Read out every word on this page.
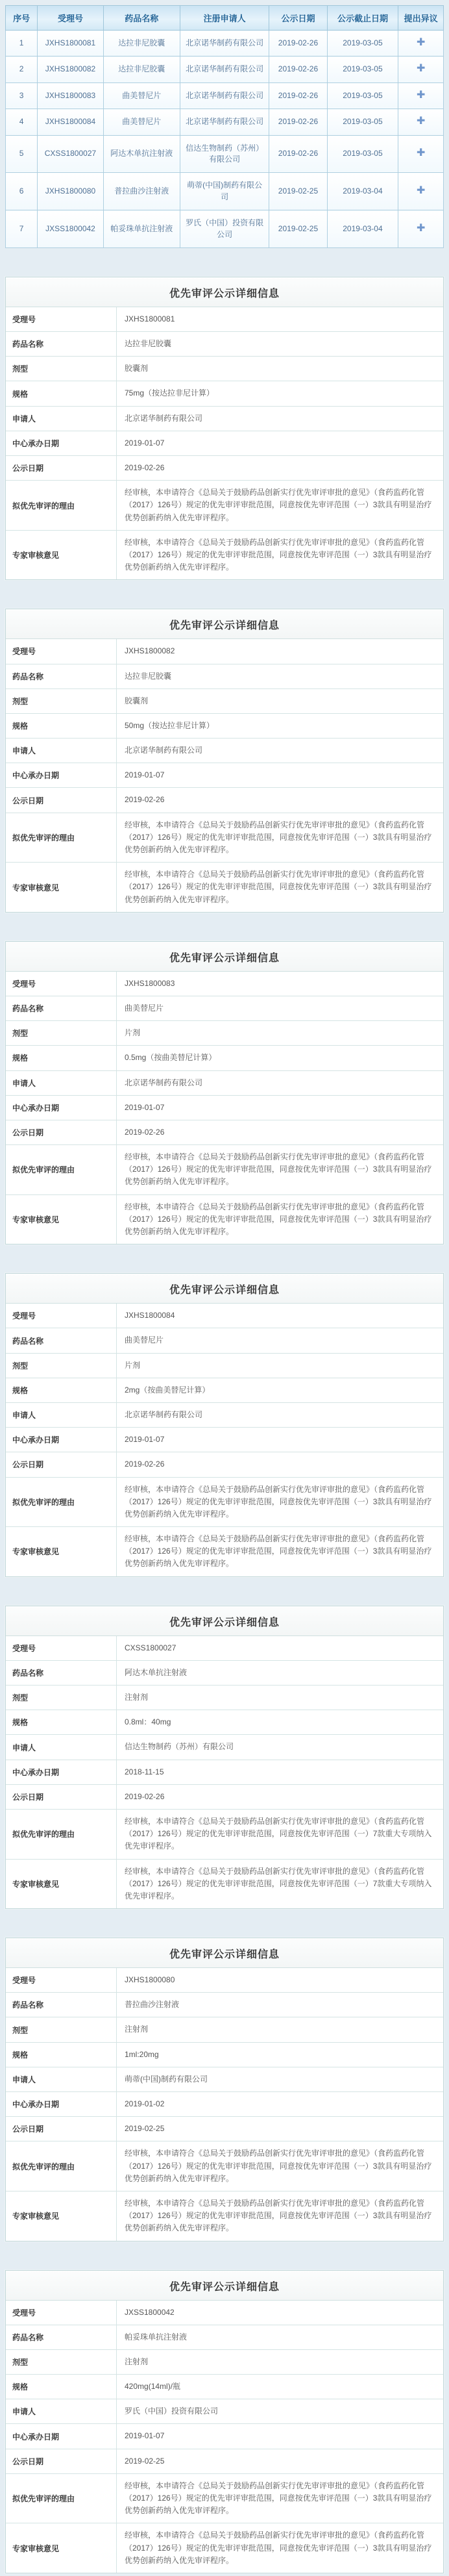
序号	受理号	药品名称	注册申请人	公示日期	公示截止日期	提出异议
1	JXHS1800081	达拉非尼胶囊	北京诺华制药有限公司	2019-02-26	2019-03-05	✚
2	JXHS1800082	达拉非尼胶囊	北京诺华制药有限公司	2019-02-26	2019-03-05	✚
3	JXHS1800083	曲美替尼片	北京诺华制药有限公司	2019-02-26	2019-03-05	✚
4	JXHS1800084	曲美替尼片	北京诺华制药有限公司	2019-02-26	2019-03-05	✚
5	CXSS1800027	阿达木单抗注射液	信达生物制药（苏州）有限公司	2019-02-26	2019-03-05	✚
6	JXHS1800080	普拉曲沙注射液	萌蒂(中国)制药有限公司	2019-02-25	2019-03-04	✚
7	JXSS1800042	帕妥珠单抗注射液	罗氏（中国）投资有限公司	2019-02-25	2019-03-04	✚
优先审评公示详细信息
受理号	JXHS1800081
药品名称	达拉非尼胶囊
剂型	胶囊剂
规格	75mg（按达拉非尼计算）
申请人	北京诺华制药有限公司
中心承办日期	2019-01-07
公示日期	2019-02-26
拟优先审评的理由	经审核，本申请符合《总局关于鼓励药品创新实行优先审评审批的意见》（食药监药化管（2017）126号）规定的优先审评审批范围，同意按优先审评范围（一）3款具有明显治疗优势创新药纳入优先审评程序。
专家审核意见	经审核，本申请符合《总局关于鼓励药品创新实行优先审评审批的意见》（食药监药化管（2017）126号）规定的优先审评审批范围，同意按优先审评范围（一）3款具有明显治疗优势创新药纳入优先审评程序。
优先审评公示详细信息
受理号	JXHS1800082
药品名称	达拉非尼胶囊
剂型	胶囊剂
规格	50mg（按达拉非尼计算）
申请人	北京诺华制药有限公司
中心承办日期	2019-01-07
公示日期	2019-02-26
拟优先审评的理由	经审核，本申请符合《总局关于鼓励药品创新实行优先审评审批的意见》（食药监药化管（2017）126号）规定的优先审评审批范围，同意按优先审评范围（一）3款具有明显治疗优势创新药纳入优先审评程序。
专家审核意见	经审核，本申请符合《总局关于鼓励药品创新实行优先审评审批的意见》（食药监药化管（2017）126号）规定的优先审评审批范围，同意按优先审评范围（一）3款具有明显治疗优势创新药纳入优先审评程序。
优先审评公示详细信息
受理号	JXHS1800083
药品名称	曲美替尼片
剂型	片剂
规格	0.5mg（按曲美替尼计算）
申请人	北京诺华制药有限公司
中心承办日期	2019-01-07
公示日期	2019-02-26
拟优先审评的理由	经审核，本申请符合《总局关于鼓励药品创新实行优先审评审批的意见》（食药监药化管（2017）126号）规定的优先审评审批范围，同意按优先审评范围（一）3款具有明显治疗优势创新药纳入优先审评程序。
专家审核意见	经审核，本申请符合《总局关于鼓励药品创新实行优先审评审批的意见》（食药监药化管（2017）126号）规定的优先审评审批范围，同意按优先审评范围（一）3款具有明显治疗优势创新药纳入优先审评程序。
优先审评公示详细信息
受理号	JXHS1800084
药品名称	曲美替尼片
剂型	片剂
规格	2mg（按曲美替尼计算）
申请人	北京诺华制药有限公司
中心承办日期	2019-01-07
公示日期	2019-02-26
拟优先审评的理由	经审核，本申请符合《总局关于鼓励药品创新实行优先审评审批的意见》（食药监药化管（2017）126号）规定的优先审评审批范围，同意按优先审评范围（一）3款具有明显治疗优势创新药纳入优先审评程序。
专家审核意见	经审核，本申请符合《总局关于鼓励药品创新实行优先审评审批的意见》（食药监药化管（2017）126号）规定的优先审评审批范围，同意按优先审评范围（一）3款具有明显治疗优势创新药纳入优先审评程序。
优先审评公示详细信息
受理号	CXSS1800027
药品名称	阿达木单抗注射液
剂型	注射剂
规格	0.8ml：40mg
申请人	信达生物制药（苏州）有限公司
中心承办日期	2018-11-15
公示日期	2019-02-26
拟优先审评的理由	经审核，本申请符合《总局关于鼓励药品创新实行优先审评审批的意见》（食药监药化管（2017）126号）规定的优先审评审批范围，同意按优先审评范围（一）7款重大专项纳入优先审评程序。
专家审核意见	经审核，本申请符合《总局关于鼓励药品创新实行优先审评审批的意见》（食药监药化管（2017）126号）规定的优先审评审批范围，同意按优先审评范围（一）7款重大专项纳入优先审评程序。
优先审评公示详细信息
受理号	JXHS1800080
药品名称	普拉曲沙注射液
剂型	注射剂
规格	1ml:20mg
申请人	萌蒂(中国)制药有限公司
中心承办日期	2019-01-02
公示日期	2019-02-25
拟优先审评的理由	经审核，本申请符合《总局关于鼓励药品创新实行优先审评审批的意见》（食药监药化管（2017）126号）规定的优先审评审批范围，同意按优先审评范围（一）3款具有明显治疗优势创新药纳入优先审评程序。
专家审核意见	经审核，本申请符合《总局关于鼓励药品创新实行优先审评审批的意见》（食药监药化管（2017）126号）规定的优先审评审批范围，同意按优先审评范围（一）3款具有明显治疗优势创新药纳入优先审评程序。
优先审评公示详细信息
受理号	JXSS1800042
药品名称	帕妥珠单抗注射液
剂型	注射剂
规格	420mg(14ml)/瓶
申请人	罗氏（中国）投资有限公司
中心承办日期	2019-01-07
公示日期	2019-02-25
拟优先审评的理由	经审核，本申请符合《总局关于鼓励药品创新实行优先审评审批的意见》（食药监药化管（2017）126号）规定的优先审评审批范围，同意按优先审评范围（一）3款具有明显治疗优势创新药纳入优先审评程序。
专家审核意见	经审核，本申请符合《总局关于鼓励药品创新实行优先审评审批的意见》（食药监药化管（2017）126号）规定的优先审评审批范围，同意按优先审评范围（一）3款具有明显治疗优势创新药纳入优先审评程序。
